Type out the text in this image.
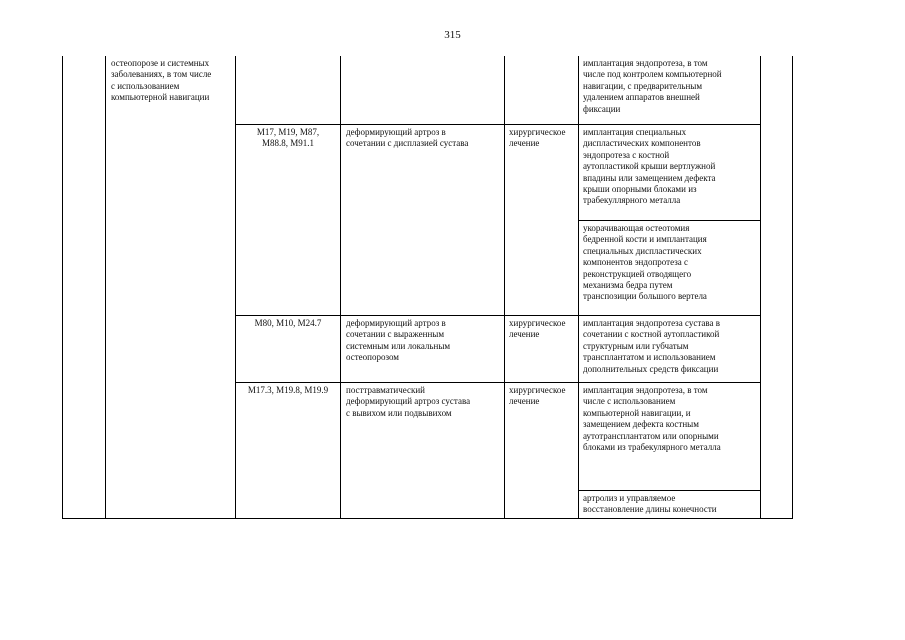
315
остеопорозе и системных
заболеваниях, в том числе
с использованием
компьютерной навигации
имплантация эндопротеза, в том
числе под контролем компьютерной
навигации, с предварительным
удалением аппаратов внешней
фиксации
M17, M19, M87,
M88.8, M91.1
деформирующий артроз в
сочетании с дисплазией сустава
хирургическое
лечение
имплантация специальных
диспластических компонентов
эндопротеза с костной
аутопластикой крыши вертлужной
впадины или замещением дефекта
крыши опорными блоками из
трабекуллярного металла
укорачивающая остеотомия
бедренной кости и имплантация
специальных диспластических
компонентов эндопротеза с
реконструкцией отводящего
механизма бедра путем
транспозиции большого вертела
M80, M10, M24.7	деформирующий артроз в
сочетании с выраженным
системным или локальным
остеопорозом
хирургическое
лечение
имплантация эндопротеза сустава в
сочетании с костной аутопластикой
структурным или губчатым
трансплантатом и использованием
дополнительных средств фиксации
M17.3, M19.8, M19.9	посттравматический
деформирующий артроз сустава
с вывихом или подвывихом
хирургическое
лечение
имплантация эндопротеза, в том
числе с использованием
компьютерной навигации, и
замещением дефекта костным
аутотрансплантатом или опорными
блоками из трабекулярного металла
артролиз и управляемое
восстановление длины конечности
